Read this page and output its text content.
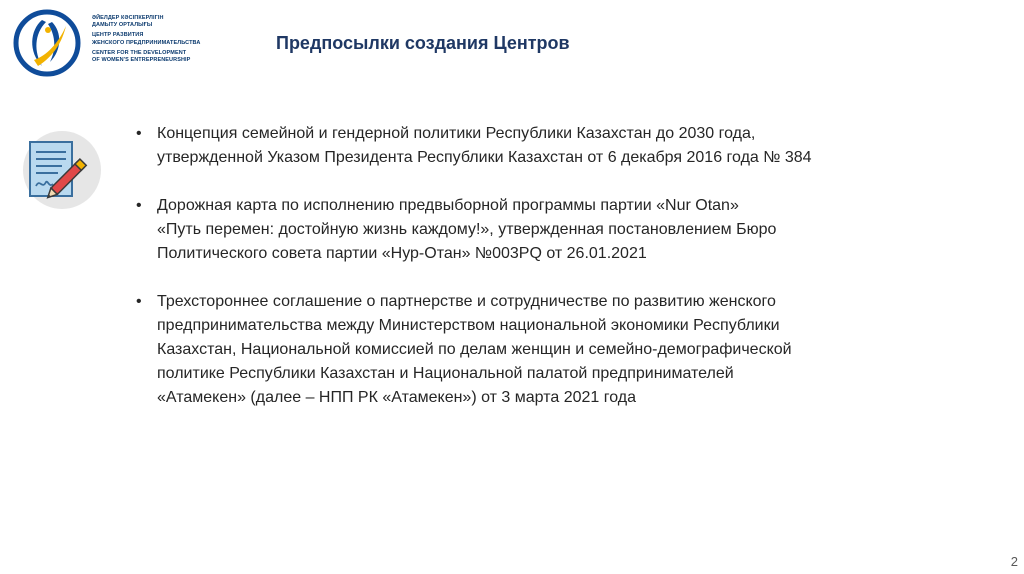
ӘЙЕЛДЕР КӘСІПКЕРЛІГІН
ДАМЫТУ ОРТАЛЫҒЫ
ЦЕНТР РАЗВИТИЯ
ЖЕНСКОГО ПРЕДПРИНИМАТЕЛЬСТВА
CENTER FOR THE DEVELOPMENT
OF WOMEN'S ENTREPRENEURSHIP
Предпосылки создания Центров
• Концепция семейной и гендерной политики Республики Казахстан до 2030 года,
утвержденной Указом Президента Республики Казахстан от 6 декабря 2016 года № 384
• Дорожная карта по исполнению предвыборной программы партии «Nur Otan»
«Путь перемен: достойную жизнь каждому!», утвержденная постановлением Бюро
Политического совета партии «Нур-Отан» №003PQ от 26.01.2021
• Трехстороннее соглашение о партнерстве и сотрудничестве по развитию женского
предпринимательства между Министерством национальной экономики Республики
Казахстан, Национальной комиссией по делам женщин и семейно-демографической
политике Республики Казахстан и Национальной палатой предпринимателей
«Атамекен» (далее – НПП РК «Атамекен») от 3 марта 2021 года
2
